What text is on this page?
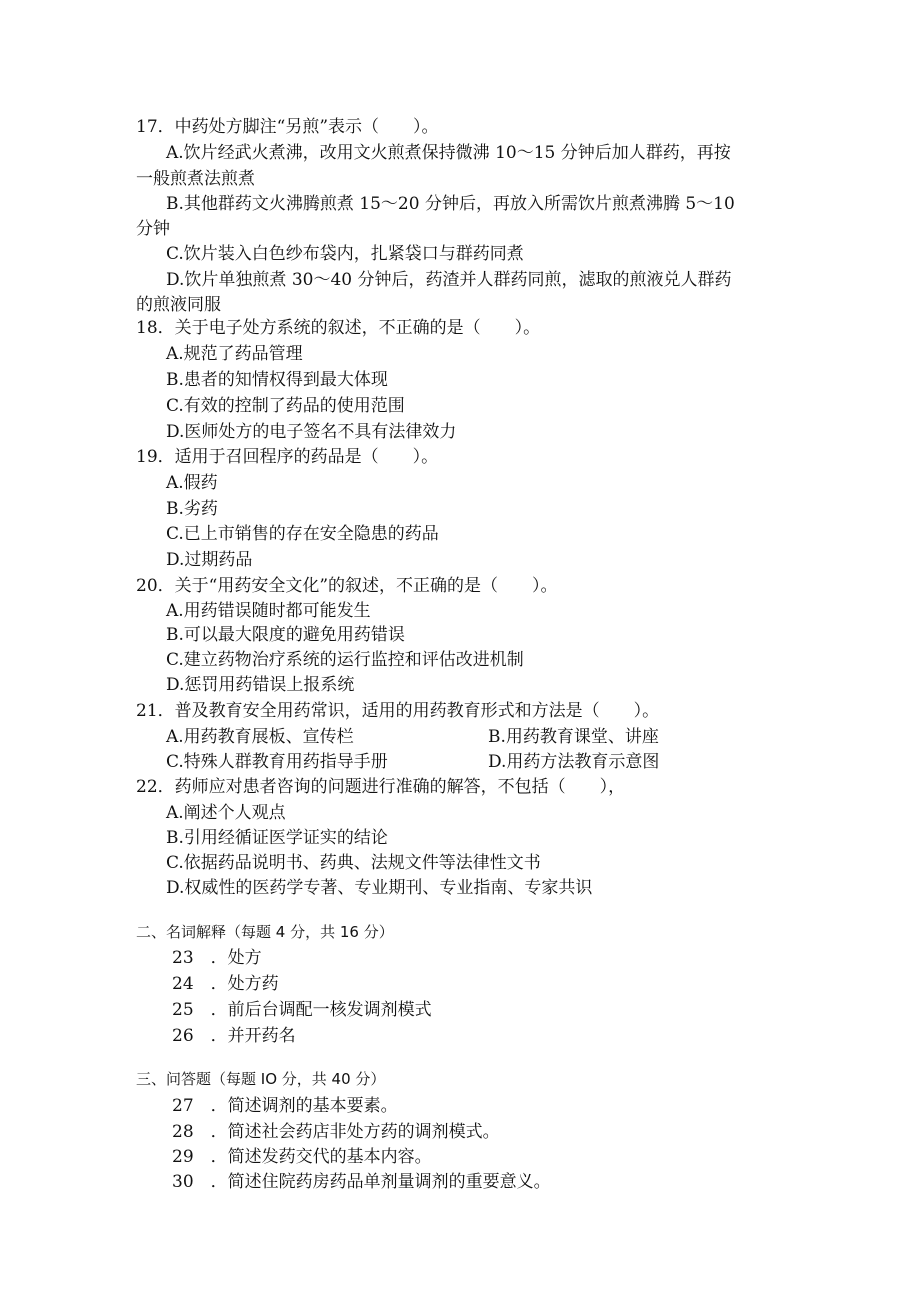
17．中药处方脚注“另煎”表示（　　）。
A.饮片经武火煮沸，改用文火煎煮保持微沸 10～15 分钟后加人群药，再按
一般煎煮法煎煮
B.其他群药文火沸腾煎煮 15～20 分钟后，再放入所需饮片煎煮沸腾 5～10
分钟
C.饮片装入白色纱布袋内，扎紧袋口与群药同煮
D.饮片单独煎煮 30～40 分钟后，药渣并人群药同煎，滤取的煎液兑人群药
的煎液同服
18．关于电子处方系统的叙述，不正确的是（　　）。
A.规范了药品管理
B.患者的知情权得到最大体现
C.有效的控制了药品的使用范围
D.医师处方的电子签名不具有法律效力
19．适用于召回程序的药品是（　　）。
A.假药
B.劣药
C.已上市销售的存在安全隐患的药品
D.过期药品
20．关于“用药安全文化”的叙述，不正确的是（　　）。
A.用药错误随时都可能发生
B.可以最大限度的避免用药错误
C.建立药物治疗系统的运行监控和评估改进机制
D.惩罚用药错误上报系统
21．普及教育安全用药常识，适用的用药教育形式和方法是（　　）。
A.用药教育展板、宣传栏	B.用药教育课堂、讲座
C.特殊人群教育用药指导手册	D.用药方法教育示意图
22．药师应对患者咨询的问题进行准确的解答，不包括（　　），
A.阐述个人观点
B.引用经循证医学证实的结论
C.依据药品说明书、药典、法规文件等法律性文书
D.权威性的医药学专著、专业期刊、专业指南、专家共识
二、名词解释（每题 4 分，共 16 分）
23　．处方
24　．处方药
25　．前后台调配一核发调剂模式
26　．并开药名
三、问答题（每题 IO 分，共 40 分）
27　．简述调剂的基本要素。
28　．简述社会药店非处方药的调剂模式。
29　．简述发药交代的基本内容。
30　．简述住院药房药品单剂量调剂的重要意义。
